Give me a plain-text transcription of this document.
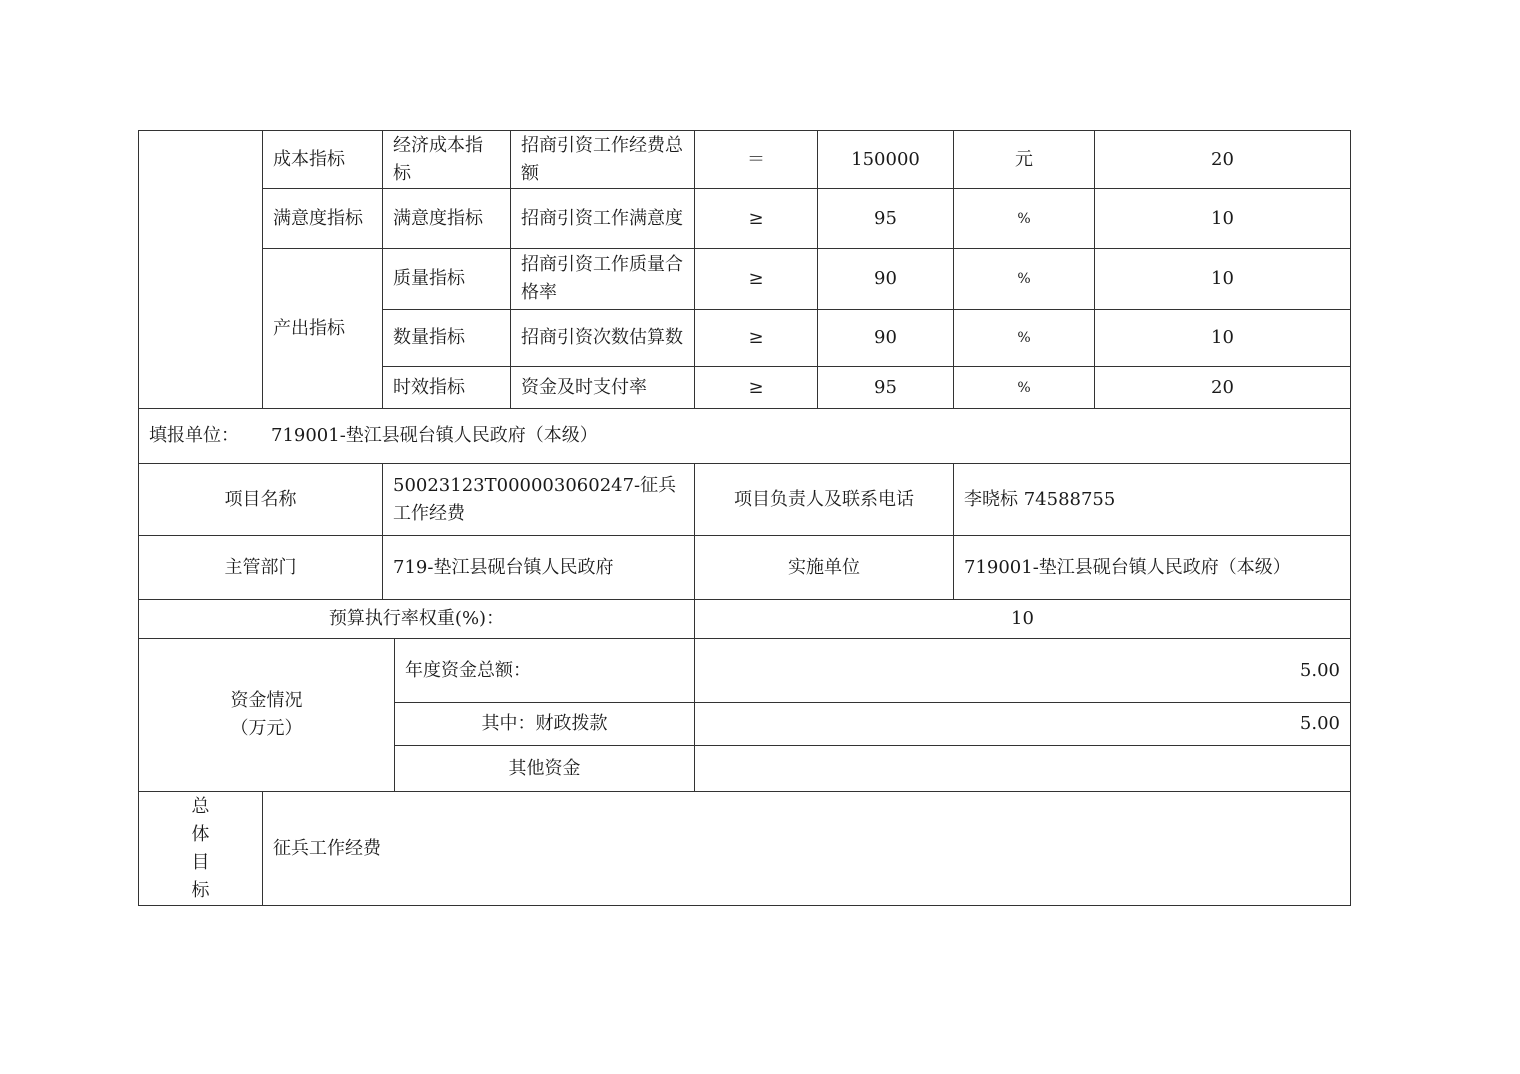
	成本指标	经济成本指标		招商引资工作经费总额	＝	150000	元	20
	满意度指标	满意度指标		招商引资工作满意度	≥	95	%	10
	产出指标	质量指标		招商引资工作质量合格率	≥	90	%	10
		数量指标		招商引资次数估算数	≥	90	%	10
		时效指标		资金及时支付率	≥	95	%	20
填报单位： 719001-垫江县砚台镇人民政府（本级）								
项目名称		50023123T000003060247-征兵工作经费			项目负责人及联系电话		李晓标 74588755	
主管部门		719-垫江县砚台镇人民政府			实施单位		719001-垫江县砚台镇人民政府（本级）	
预算执行率权重(%)：					10			

资金情况
（万元）			年度资金总额：		5.00			
			其中：财政拨款		5.00			
			其他资金					

总
体
目
标	征兵工作经费							
